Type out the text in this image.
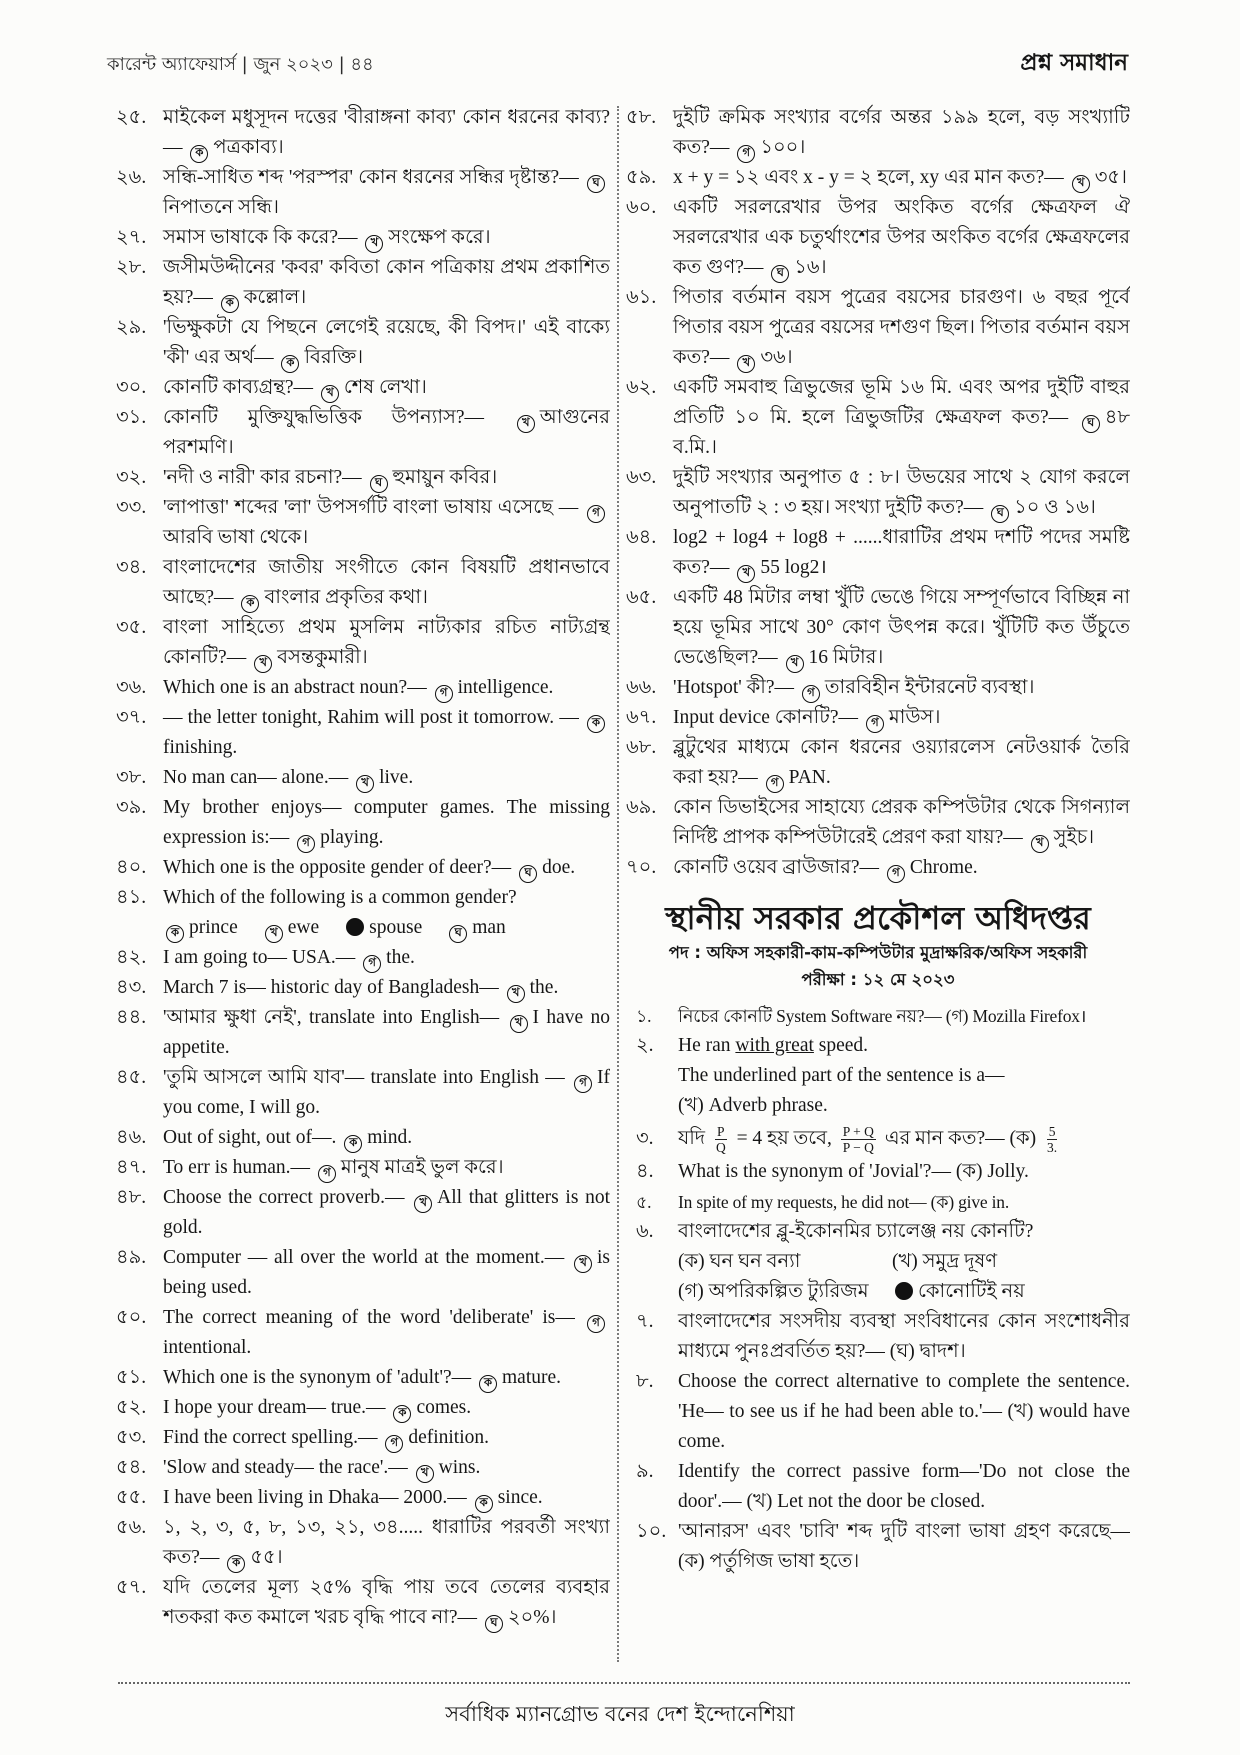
কারেন্ট অ্যাফেয়ার্স | জুন ২০২৩ | ৪৪	প্রশ্ন সমাধান
২৫. মাইকেল মধুসূদন দত্তের 'বীরাঙ্গনা কাব্য' কোন ধরনের কাব্য?— ক পত্রকাব্য।
২৬. সন্ধি-সাধিত শব্দ 'পরস্পর' কোন ধরনের সন্ধির দৃষ্টান্ত?— ঘনিপাতনে সন্ধি।
২৭. সমাস ভাষাকে কি করে?— খ সংক্ষেপ করে।
২৮. জসীমউদ্দীনের 'কবর' কবিতা কোন পত্রিকায় প্রথম প্রকাশিত হয়?— ক কল্লোল।
২৯. 'ভিক্ষুকটা যে পিছনে লেগেই রয়েছে, কী বিপদ।' এই বাক্যে 'কী' এর অর্থ— ক বিরক্তি।
৩০. কোনটি কাব্যগ্রন্থ?— খ শেষ লেখা।
৩১. কোনটি মুক্তিযুদ্ধভিত্তিক উপন্যাস?—	খ আগুনের পরশমণি।
৩২. 'নদী ও নারী' কার রচনা?— ঘ হুমায়ুন কবির।
৩৩. 'লাপাত্তা' শব্দের 'লা' উপসর্গটি বাংলা ভাষায় এসেছে — গআরবি ভাষা থেকে।
৩৪. বাংলাদেশের জাতীয় সংগীতে কোন বিষয়টি প্রধানভাবে আছে?— ক বাংলার প্রকৃতির কথা।
৩৫. বাংলা সাহিত্যে প্রথম মুসলিম নাট্যকার রচিত নাট্যগ্রন্থ কোনটি?— খ বসন্তকুমারী।
৩৬. Which one is an abstract noun?— গ intelligence.
৩৭. — the letter tonight, Rahim will post it tomorrow. — কfinishing.
৩৮. No man can— alone.— খ live.
৩৯. My brother enjoys— computer games. The missing expression is:— গ playing.
৪০. Which one is the opposite gender of deer?— ঘ doe.
৪১. Which of the following is a common gender?
ক prince	খ ewe	spouse	ঘ man
৪২. I am going to— USA.— গ the.
৪৩. March 7 is— historic day of Bangladesh— খ the.
৪৪. 'আমার ক্ষুধা নেই', translate into English— খ I have no appetite.
৪৫. 'তুমি আসলে আমি যাব'— translate into English — গ If you come, I will go.
৪৬. Out of sight, out of—. ক mind.
৪৭. To err is human.— গ মানুষ মাত্রই ভুল করে।
৪৮. Choose the correct proverb.— খ All that glitters is not gold.
৪৯. Computer — all over the world at the moment.— খ is being used.
৫০. The correct meaning of the word 'deliberate' is— গintentional.
৫১. Which one is the synonym of 'adult'?— ক mature.
৫২. I hope your dream— true.— ক comes.
৫৩. Find the correct spelling.— গ definition.
৫৪. 'Slow and steady— the race'.— খ wins.
৫৫. I have been living in Dhaka— 2000.— ক since.
৫৬. ১, ২, ৩, ৫, ৮, ১৩, ২১, ৩৪..... ধারাটির পরবর্তী সংখ্যা কত?— ক ৫৫।
৫৭. যদি তেলের মূল্য ২৫% বৃদ্ধি পায় তবে তেলের ব্যবহার শতকরা কত কমালে খরচ বৃদ্ধি পাবে না?— ঘ ২০%।
৫৮. দুইটি ক্রমিক সংখ্যার বর্গের অন্তর ১৯৯ হলে, বড় সংখ্যাটি কত?— গ ১০০।
৫৯. x + y = ১২ এবং x - y = ২ হলে, xy এর মান কত?— খ ৩৫।
৬০. একটি সরলরেখার উপর অংকিত বর্গের ক্ষেত্রফল ঐ সরলরেখার এক চতুর্থাংশের উপর অংকিত বর্গের ক্ষেত্রফলের কত গুণ?— ঘ ১৬।
৬১. পিতার বর্তমান বয়স পুত্রের বয়সের চারগুণ। ৬ বছর পূর্বে পিতার বয়স পুত্রের বয়সের দশগুণ ছিল। পিতার বর্তমান বয়স কত?— খ ৩৬।
৬২. একটি সমবাহু ত্রিভুজের ভূমি ১৬ মি. এবং অপর দুইটি বাহুর প্রতিটি ১০ মি. হলে ত্রিভুজটির ক্ষেত্রফল কত?— ঘ ৪৮ ব.মি.।
৬৩. দুইটি সংখ্যার অনুপাত ৫ : ৮। উভয়ের সাথে ২ যোগ করলে অনুপাতটি ২ : ৩ হয়। সংখ্যা দুইটি কত?— ঘ ১০ ও ১৬।
৬৪. log2 + log4 + log8 + ......ধারাটির প্রথম দশটি পদের সমষ্টি কত?— খ 55 log2।
৬৫. একটি 48 মিটার লম্বা খুঁটি ভেঙে গিয়ে সম্পূর্ণভাবে বিচ্ছিন্ন না হয়ে ভূমির সাথে 30° কোণ উৎপন্ন করে। খুঁটিটি কত উঁচুতে ভেঙেছিল?— খ 16 মিটার।
৬৬. 'Hotspot' কী?— গ তারবিহীন ইন্টারনেট ব্যবস্থা।
৬৭. Input device কোনটি?— গ মাউস।
৬৮. ব্লুটুথের মাধ্যমে কোন ধরনের ওয়্যারলেস নেটওয়ার্ক তৈরি করা হয়?— গ PAN.
৬৯. কোন ডিভাইসের সাহায্যে প্রেরক কম্পিউটার থেকে সিগন্যাল নির্দিষ্ট প্রাপক কম্পিউটারেই প্রেরণ করা যায়?— খ সুইচ।
৭০. কোনটি ওয়েব ব্রাউজার?— গ Chrome.
স্থানীয় সরকার প্রকৌশল অধিদপ্তর
পদ : অফিস সহকারী-কাম-কম্পিউটার মুদ্রাক্ষরিক/অফিস সহকারী
পরীক্ষা : ১২ মে ২০২৩
১.	নিচের কোনটি System Software নয়?— (গ) Mozilla Firefox।
২.	He ran with great speed.
The underlined part of the sentence is a—
(খ) Adverb phrase.
৩.	যদি $\frac{P}{Q} = 4$ হয় তবে, $\frac{P + Q}{P - Q}$ এর মান কত?— (ক) $\frac{5}{3.}$
৪.	What is the synonym of 'Jovial'?— (ক) Jolly.
৫.	In spite of my requests, he did not— (ক) give in.
৬.	বাংলাদেশের ব্লু-ইকোনমির চ্যালেঞ্জ নয় কোনটি?
(ক) ঘন ঘন বন্যা	(খ) সমুদ্র দূষণ
(গ) অপরিকল্পিত ট্যুরিজম	কোনোটিই নয়
৭.	বাংলাদেশের সংসদীয় ব্যবস্থা সংবিধানের কোন সংশোধনীর মাধ্যমে পুনঃপ্রবর্তিত হয়?— (ঘ) দ্বাদশ।
৮.	Choose the correct alternative to complete the sentence. 'He— to see us if he had been able to.'— (খ) would have come.
৯.	Identify the correct passive form—'Do not close the door'.— (খ) Let not the door be closed.
১০. 'আনারস' এবং 'চাবি' শব্দ দুটি বাংলা ভাষা গ্রহণ করেছে— (ক) পর্তুগিজ ভাষা হতে।
সর্বাধিক ম্যানগ্রোভ বনের দেশ ইন্দোনেশিয়া
